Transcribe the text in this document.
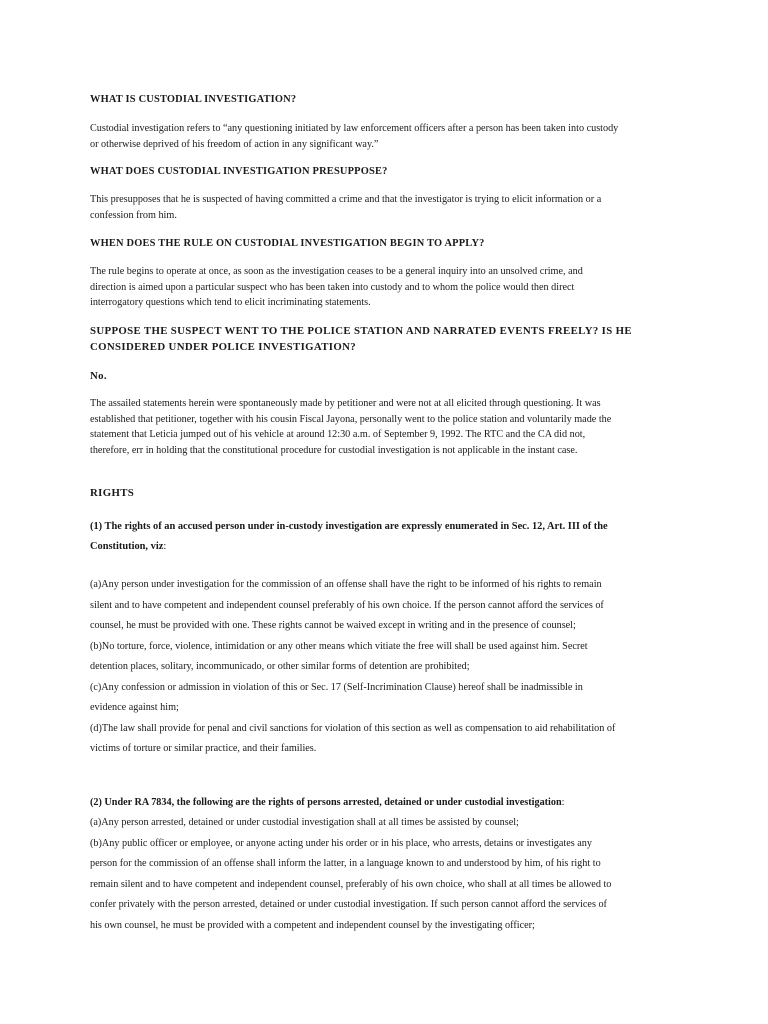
WHAT IS CUSTODIAL INVESTIGATION?

Custodial investigation refers to “any questioning initiated by law enforcement officers after a person has been taken into custody
or otherwise deprived of his freedom of action in any significant way.”

WHAT DOES CUSTODIAL INVESTIGATION PRESUPPOSE?

This presupposes that he is suspected of having committed a crime and that the investigator is trying to elicit information or a
confession from him.

WHEN DOES THE RULE ON CUSTODIAL INVESTIGATION BEGIN TO APPLY?

The rule begins to operate at once, as soon as the investigation ceases to be a general inquiry into an unsolved crime, and
direction is aimed upon a particular suspect who has been taken into custody and to whom the police would then direct
interrogatory questions which tend to elicit incriminating statements.

SUPPOSE THE SUSPECT WENT TO THE POLICE STATION AND NARRATED EVENTS FREELY? IS HE
CONSIDERED UNDER POLICE INVESTIGATION?

No.

The assailed statements herein were spontaneously made by petitioner and were not at all elicited through questioning. It was
established that petitioner, together with his cousin Fiscal Jayona, personally went to the police station and voluntarily made the
statement that Leticia jumped out of his vehicle at around 12:30 a.m. of September 9, 1992. The RTC and the CA did not,
therefore, err in holding that the constitutional procedure for custodial investigation is not applicable in the instant case.

RIGHTS

(1) The rights of an accused person under in-custody investigation are expressly enumerated in Sec. 12, Art. III of the
Constitution, viz:

(a)Any person under investigation for the commission of an offense shall have the right to be informed of his rights to remain
silent and to have competent and independent counsel preferably of his own choice. If the person cannot afford the services of
counsel, he must be provided with one. These rights cannot be waived except in writing and in the presence of counsel;
(b)No torture, force, violence, intimidation or any other means which vitiate the free will shall be used against him. Secret
detention places, solitary, incommunicado, or other similar forms of detention are prohibited;
(c)Any confession or admission in violation of this or Sec. 17 (Self-Incrimination Clause) hereof shall be inadmissible in
evidence against him;
(d)The law shall provide for penal and civil sanctions for violation of this section as well as compensation to aid rehabilitation of
victims of torture or similar practice, and their families.

(2) Under RA 7834, the following are the rights of persons arrested, detained or under custodial investigation:

(a)Any person arrested, detained or under custodial investigation shall at all times be assisted by counsel;
(b)Any public officer or employee, or anyone acting under his order or in his place, who arrests, detains or investigates any
person for the commission of an offense shall inform the latter, in a language known to and understood by him, of his right to
remain silent and to have competent and independent counsel, preferably of his own choice, who shall at all times be allowed to
confer privately with the person arrested, detained or under custodial investigation. If such person cannot afford the services of
his own counsel, he must be provided with a competent and independent counsel by the investigating officer;
